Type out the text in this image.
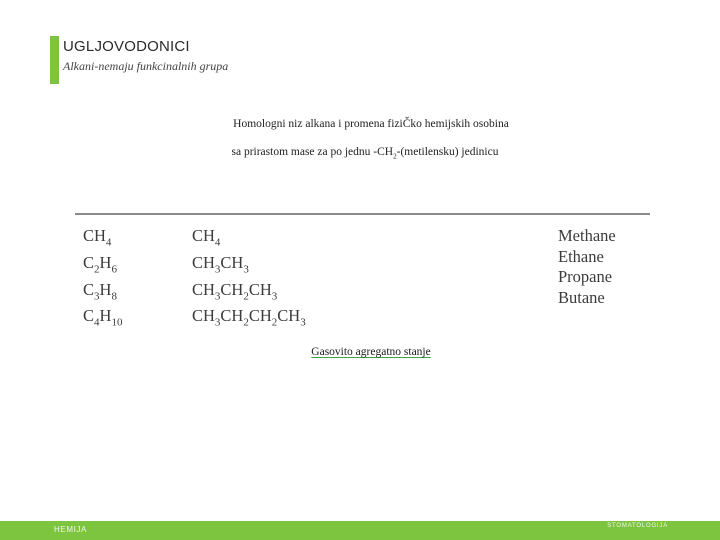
UGLJOVODONICI
Alkani-nemaju funkcinalnih grupa
Homologni niz alkana i promena fiziČko hemijskih osobina
sa prirastom mase za po jednu $-CH_2-(metilensku)$ jedinicu
$CH_4$
$C_2H_6$
$C_3H_8$
$C_4H_{10}$
$CH_4$
$CH_3CH_3$
$CH_3CH_2CH_3$
$CH_3CH_2CH_2CH_3$
Methane
Ethane
Propane
Butane
Gasovito agregatno stanje
HEMIJA	STOMATOLOGIJA
